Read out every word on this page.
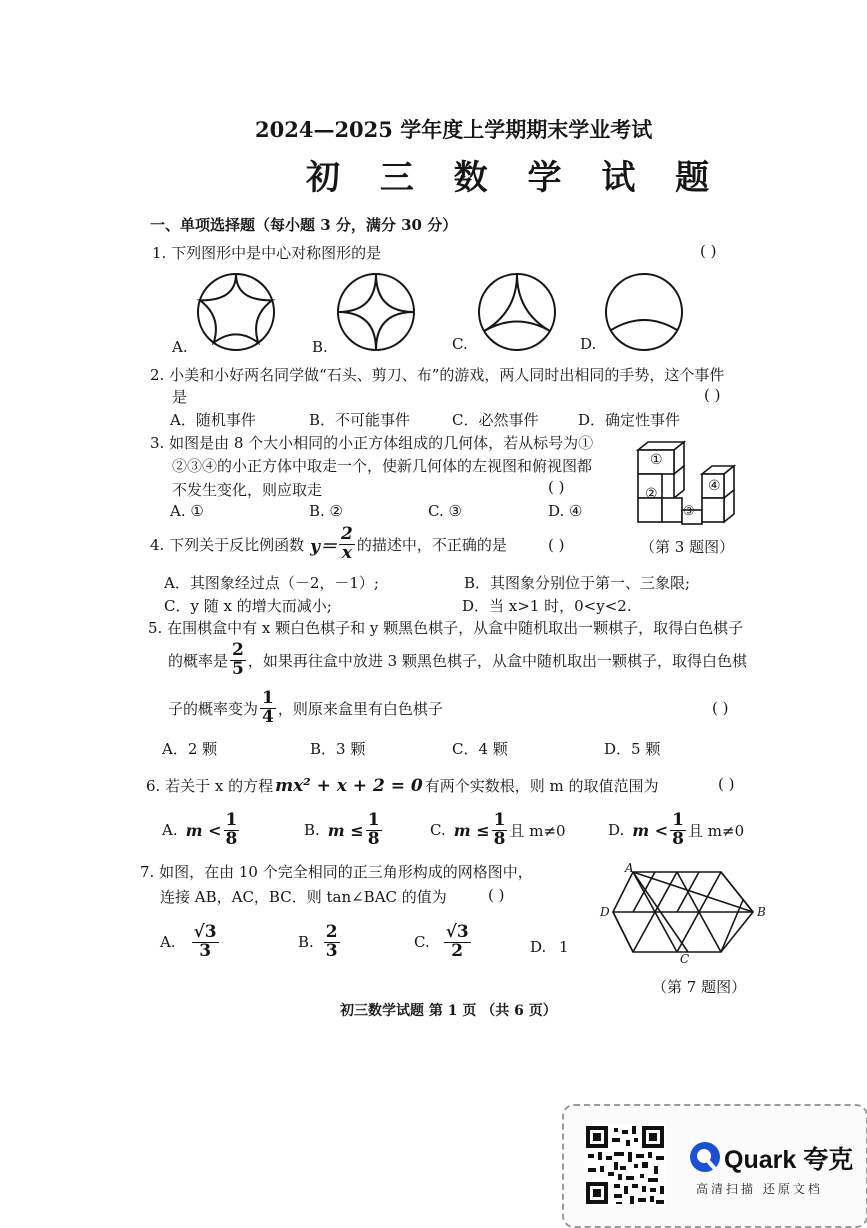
2024—2025 学年度上学期期末学业考试
初 三 数 学 试 题
一、单项选择题（每小题 3 分，满分 30 分）
1. 下列图形中是中心对称图形的是	( )
A.	B.	C.	D.
2. 小美和小好两名同学做“石头、剪刀、布”的游戏，两人同时出相同的手势，这个事件
是	( )
A．随机事件	B．不可能事件	C．必然事件	D．确定性事件
3. 如图是由 8 个大小相同的小正方体组成的几何体，若从标号为①
②③④的小正方体中取走一个，使新几何体的左视图和俯视图都
不发生变化，则应取走	( )
A. ①	B. ②	C. ③	D. ④
①
②
③
④
（第 3 题图）
4. 下列关于反比例函数 $y= \frac{2}{x}$ 的描述中，不正确的是	( )
A．其图象经过点（－2，－1）;	B．其图象分别位于第一、三象限;
C．y 随 x 的增大而减小;	D．当 x>1 时，0<y<2.
5. 在围棋盒中有 x 颗白色棋子和 y 颗黑色棋子，从盒中随机取出一颗棋子，取得白色棋子
的概率是 $\frac{2}{5}$ ，如果再往盒中放进 3 颗黑色棋子，从盒中随机取出一颗棋子，取得白色棋
子的概率变为 $\frac{1}{4}$ ，则原来盒里有白色棋子	( )
A．2 颗	B．3 颗	C．4 颗	D．5 颗
6. 若关于 x 的方程 mx² + x + 2 = 0 有两个实数根，则 m 的取值范围为	( )
A. $m < \frac{1}{8}$	B. $m \le \frac{1}{8}$	C. $m \le \frac{1}{8}$ 且 m≠0	D. $m < \frac{1}{8}$ 且 m≠0
7. 如图，在由 10 个完全相同的正三角形构成的网格图中，
连接 AB，AC，BC．则 tan∠BAC 的值为	( )
A. $\frac{√3}{3}$	B. $\frac{2}{3}$	C. $\frac{√3}{2}$	D. 1
A
B
C
D
（第 7 题图）
初三数学试题 第 1 页 （共 6 页）
Quark 夸克
高清扫描 还原文档
